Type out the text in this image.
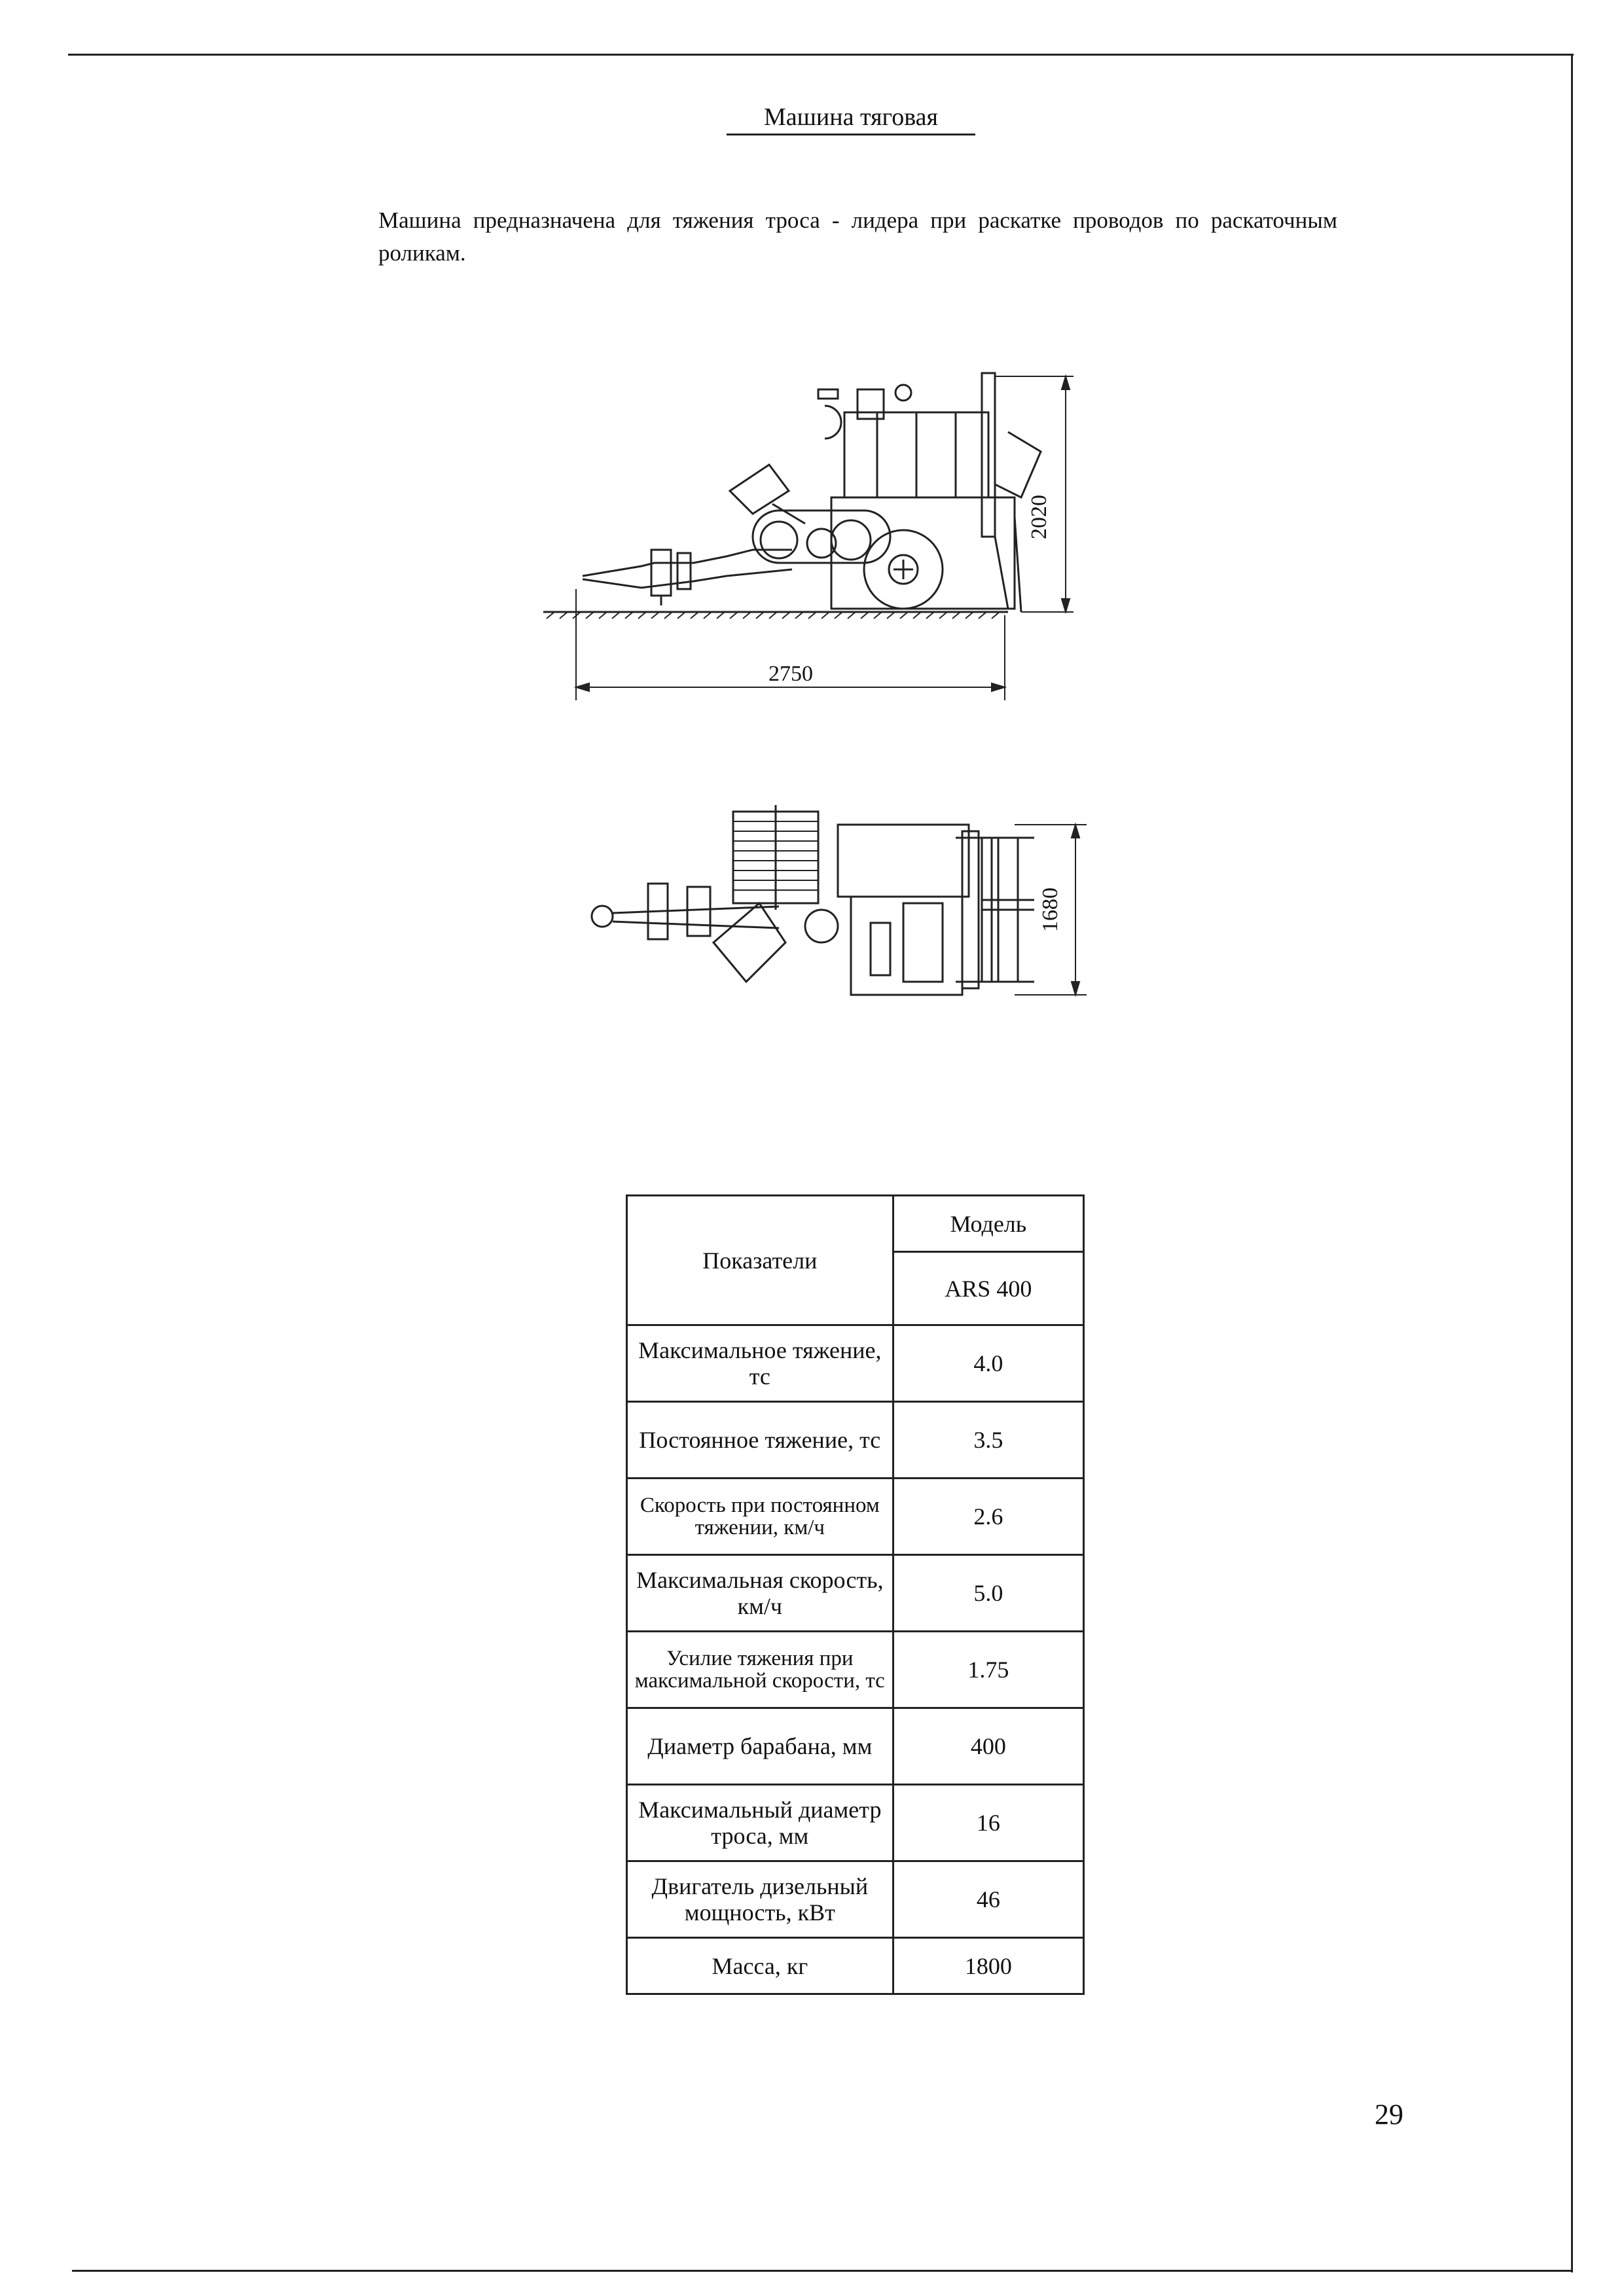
Машина тяговая
Машина предназначена для тяжения троса - лидера при раскатке проводов по раскаточным роликам.
2020
2750
1680
Показатели	Модель
	ARS 400
Максимальное тяжение, тс	4.0
Постоянное тяжение, тс	3.5
Скорость при постоянном тяжении, км/ч	2.6
Максимальная скорость, км/ч	5.0
Усилие тяжения при максимальной скорости, тс	1.75
Диаметр барабана, мм	400
Максимальный диаметр троса, мм	16
Двигатель дизельный мощность, кВт	46
Масса, кг	1800
29
